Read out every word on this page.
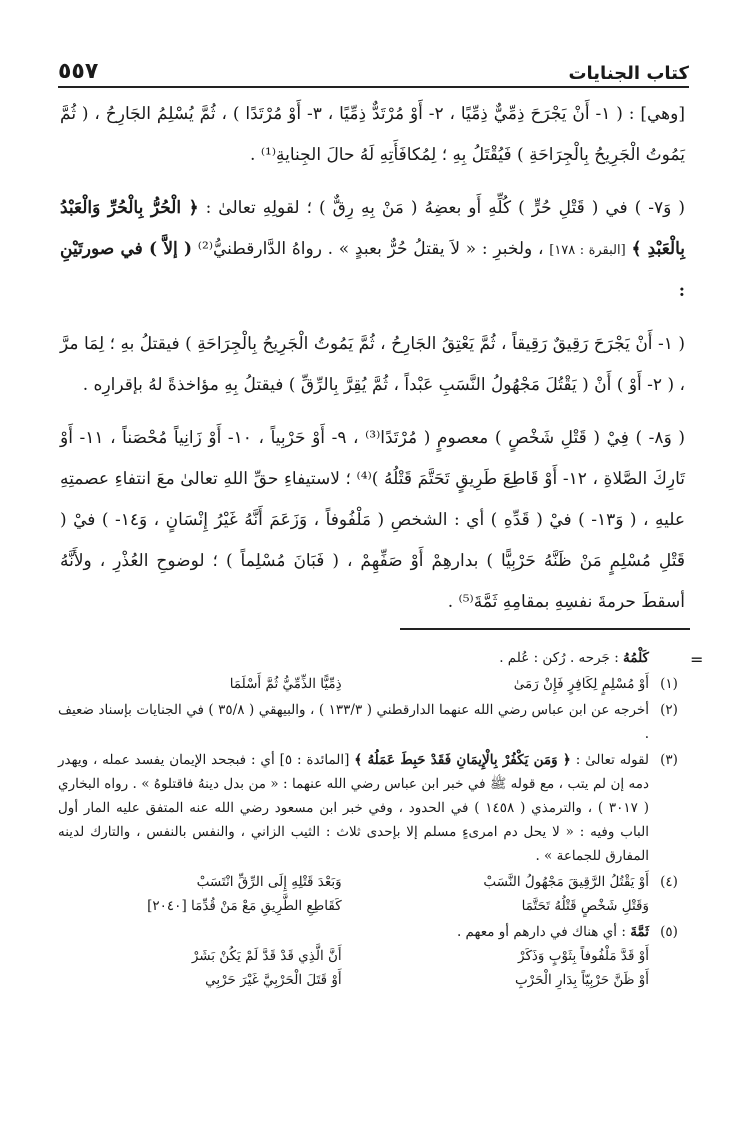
كتاب الجنايات
٥٥٧

[وهي] : ( ١- أَنْ يَجْرَحَ ذِمِّيٌّ ذِمِّيًا ، ٢- أَوْ مُرْتَدٌّ ذِمِّيًا ، ٣- أَوْ مُرْتَدًا ) ، ثُمَّ يُسْلِمُ الجَارِحُ ، ( ثُمَّ يَمُوتُ الْجَرِيحُ بِالْجِرَاحَةِ ) فَيُقْتَلُ بِهِ ؛ لِمُكافَأَتِهِ لَهُ حالَ الجِنايةِ⁽¹⁾ .

( وَ٧- ) في ( قَتْلِ حُرٍّ ) كُلِّهِ أَو بعضِهُ ( مَنْ بِهِ رِقٌّ ) ؛ لقولِهِ تعالىٰ : ﴿ الْحُرُّ بِالْحُرِّ وَالْعَبْدُ بِالْعَبْدِ ﴾ [البقرة : ١٧٨] ، ولخبرِ : « لاَ يقتلُ حُرٌّ بعبدٍ » . رواهُ الدَّارقطنيُّ⁽²⁾ ( إلاَّ ) في صورتَيْنِ :

( ١- أَنْ يَجْرَحَ رَقِيقٌ رَقِيقاً ، ثُمَّ يَعْتِقُ الجَارِحُ ، ثُمَّ يَمُوتُ الْجَرِيحُ بِالْجِرَاحَةِ ) فيقتلُ بهِ ؛ لِمَا مرَّ ، ( ٢- أَوْ ) أَنْ ( يَقْتُلَ مَجْهُولُ النَّسَبِ عَبْداً ، ثُمَّ يُقِرَّ بِالرِّقِّ ) فيقتلُ بِهِ مؤاخذةً لهُ بإقرارِه .

( وَ٨- ) فِيْ ( قَتْلِ شَخْصٍ ) معصومٍ ( مُرْتَدًا⁽³⁾ ، ٩- أَوْ حَرْبِياً ، ١٠- أَوْ زَانِياً مُحْصَناً ، ١١- أَوْ تَارِكَ الصَّلاةِ ، ١٢- أَوْ قَاطِعَ طَرِيقٍ تَحَتَّمَ قَتْلُهُ )⁽⁴⁾ ؛ لاستيفاءِ حقِّ اللهِ تعالىٰ معَ انتفاءِ عصمتِهِ عليهِ ، ( وَ١٣- ) فيْ ( قَدِّهِ ) أي : الشخصِ ( مَلْفُوفاً ، وَزَعَمَ أَنَّهُ غَيْرُ إِنْسَانٍ ، وَ١٤- ) فيْ ( قَتْلِ مُسْلِمٍ مَنْ ظَنَّهُ حَرْبِيًّا ) بدارهِمْ أَوْ صَفِّهِمْ ، ( فَبَانَ مُسْلِماً ) ؛ لوضوحِ العُذْرِ ، ولأَنَّهُ أسقطَ حرمةَ نفسِهِ بمقامِهِ ثَمَّةَ⁽⁵⁾ .

=
كَلْمُهُ : جَرحه . رُكن : عُلم .
(١)
أَوْ مُسْلِمٍ لِكَافِرٍ فَإِنْ رَمَىٰ
ذِمِّيًّا الذِّمِّيُّ ثُمَّ أَسْلَمَا
(٢)
أخرجه عن ابن عباس رضي الله عنهما الدارقطني ( ١٣٣/٣ ) ، والبيهقي ( ٣٥/٨ ) في الجنايات بإسناد ضعيف .
(٣)
لقوله تعالىٰ : ﴿ وَمَن يَكْفُرْ بِالْإِيمَانِ فَقَدْ حَبِطَ عَمَلُهُ ﴾ [المائدة : ٥] أي : فبجحد الإيمان يفسد عمله ، ويهدر دمه إن لم يتب ، مع قوله ﷺ في خبر ابن عباس رضي الله عنهما : « من بدل دينهُ فاقتلوهُ » . رواه البخاري ( ٣٠١٧ ) ، والترمذي ( ١٤٥٨ ) في الحدود ، وفي خبر ابن مسعود رضي الله عنه المتفق عليه المار أول الباب وفيه : « لا يحل دم امرىءٍ مسلم إلا بإحدى ثلاث : الثيب الزاني ، والنفس بالنفس ، والتارك لدينه المفارق للجماعة » .
(٤)
أَوْ يَقْتُلُ الرَّقِيقَ مَجْهُولُ النَّسَبْ
وَبَعْدَ قَتْلِهِ إِلَى الرِّقِّ انْتَسَبْ
وَقَتْلِ شَخْصٍ قَتْلُهُ تَحَتَّمَا
كَقَاطِعِ الطَّرِيقِ مَعْ مَنْ قُدِّمَا [٢٠٤٠]
(٥)
ثَمَّةَ : أي هناك في دارهم أو معهم .
أَوْ قَدَّ مَلْفُوفاً بِثَوْبٍ وَذَكَرْ
أَنَّ الَّذِي قَدْ قَدَّ لَمْ يَكُنْ بَشَرْ
أَوْ ظَنَّ حَرْبِيّاً بِدَارِ الْحَرْبِ
أَوْ قَتَلَ الْحَرْبِيَّ غَيْرَ حَرْبِي
